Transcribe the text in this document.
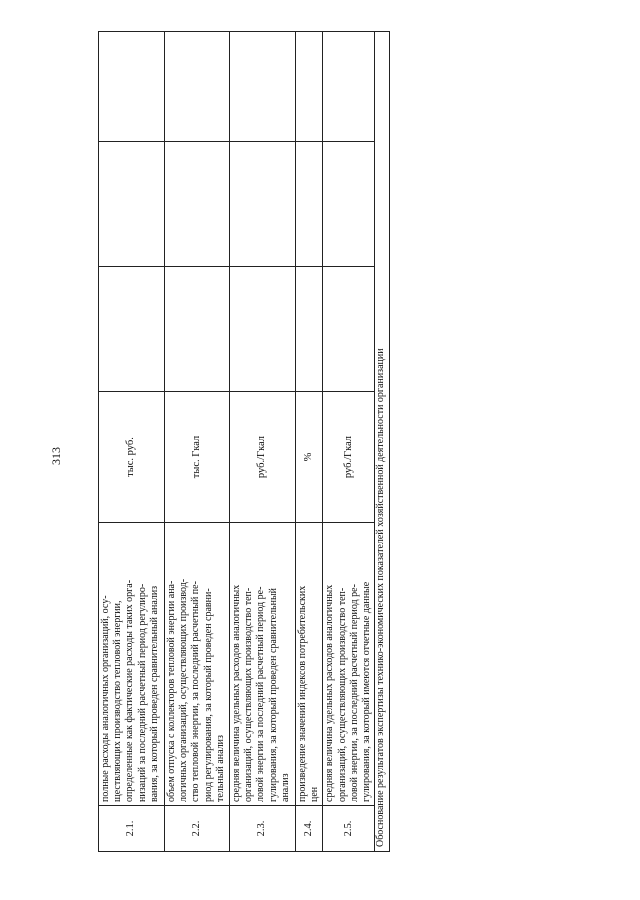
313
2.1.	полные расходы аналогичных организаций, осу- ществляющих производство тепловой энергии, определенные как фактические расходы таких орга- низаций за последний расчетный период регулиро- вания, за который проведен сравнительный анализ	тыс. руб.			
2.2.	объем отпуска с коллекторов тепловой энергии ана- логичных организаций, осуществляющих производ- ство тепловой энергии, за последний расчетный пе- риод регулирования, за который проведен сравни- тельный анализ	тыс. Гкал			
2.3.	средняя величина удельных расходов аналогичных организаций, осуществляющих производство теп- ловой энергии за последний расчетный период ре- гулирования, за который проведен сравнительный анализ	руб./Гкал			
2.4.	произведение значений индексов потребительских цен	%			
2.5.	средняя величина удельных расходов аналогичных организаций, осуществляющих производство теп- ловой энергии, за последний расчетный период ре- гулирования, за который имеются отчетные данные	руб./Гкал			
Обоснование результатов экспертизы технико-экономических показателей хозяйственной деятельности организации					
